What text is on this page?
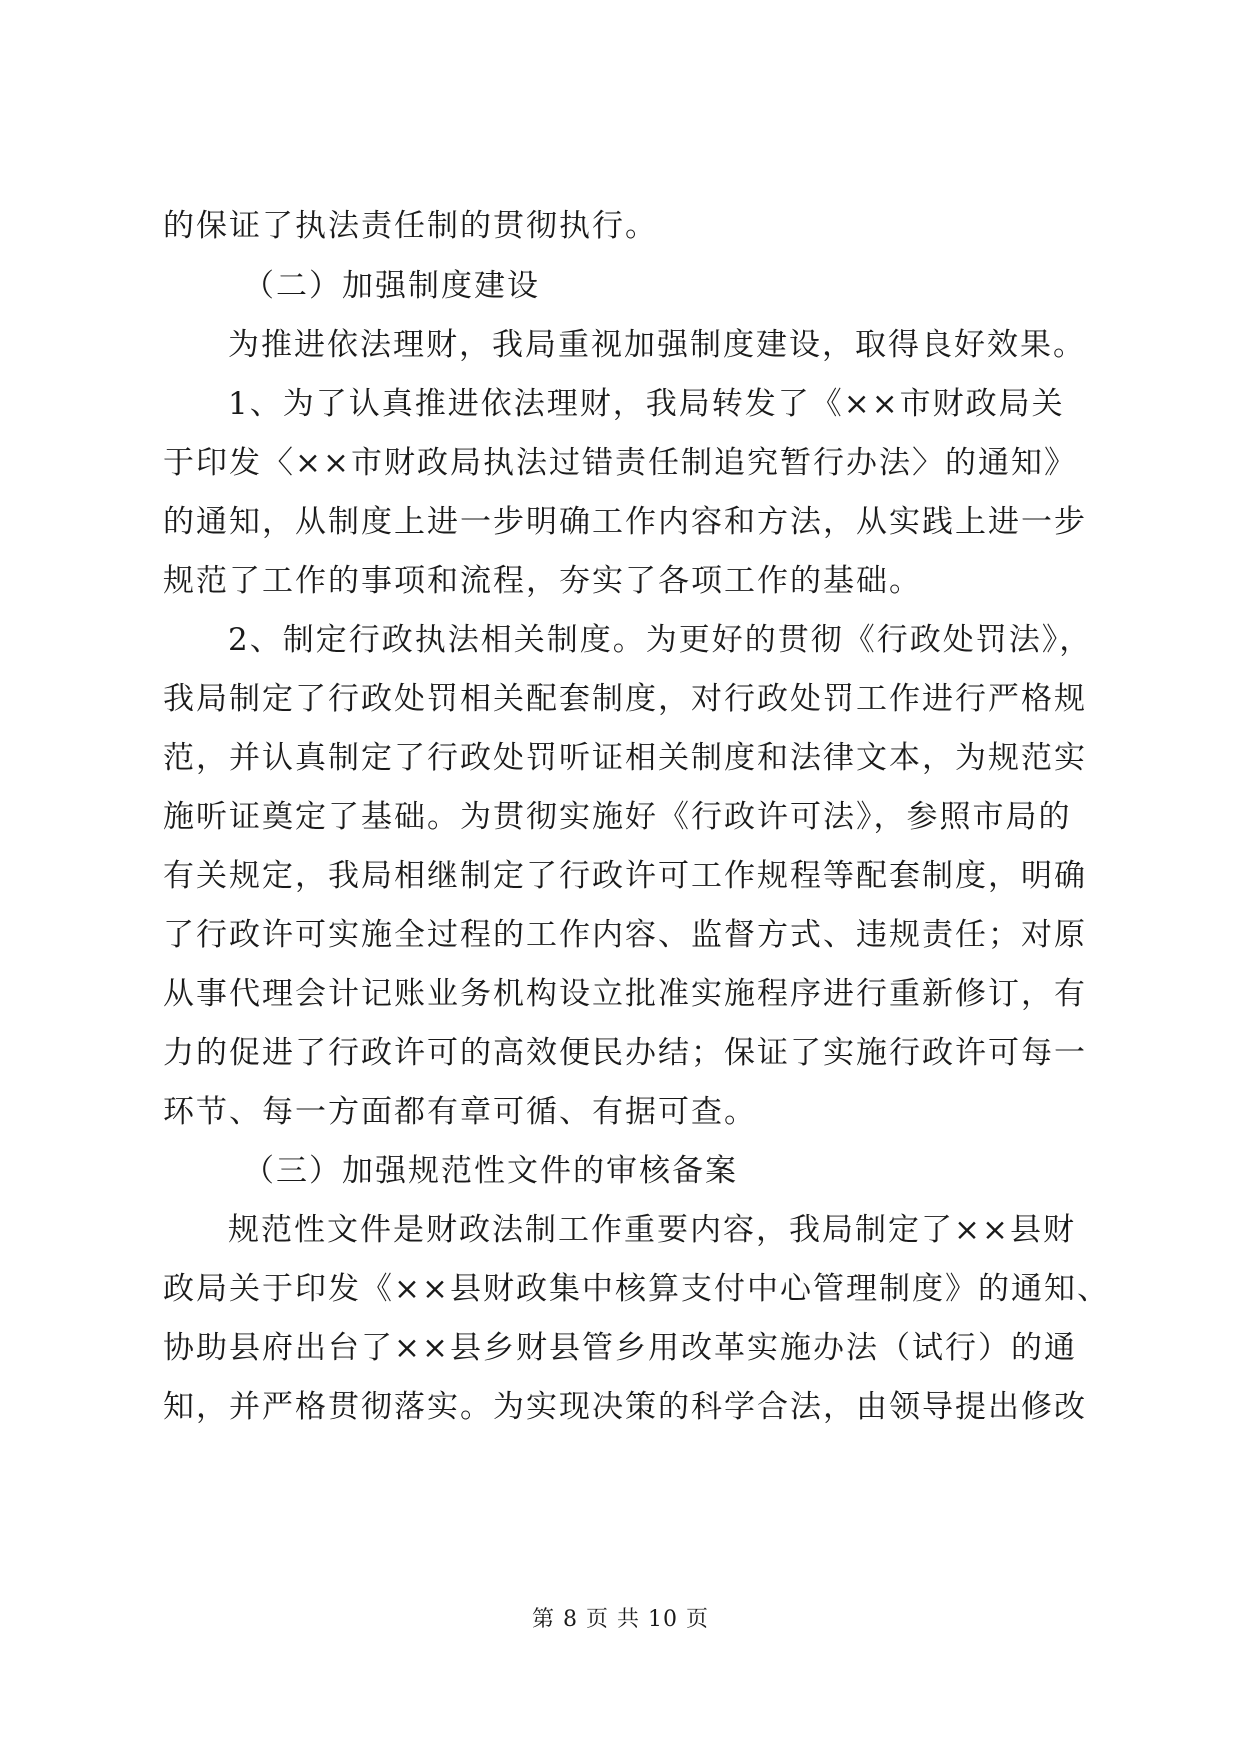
的保证了执法责任制的贯彻执行。
（二）加强制度建设
为推进依法理财，我局重视加强制度建设，取得良好效果。
1、为了认真推进依法理财，我局转发了《××市财政局关
于印发〈××市财政局执法过错责任制追究暂行办法〉的通知》
的通知，从制度上进一步明确工作内容和方法，从实践上进一步
规范了工作的事项和流程，夯实了各项工作的基础。
2、制定行政执法相关制度。为更好的贯彻《行政处罚法》，
我局制定了行政处罚相关配套制度，对行政处罚工作进行严格规
范，并认真制定了行政处罚听证相关制度和法律文本，为规范实
施听证奠定了基础。为贯彻实施好《行政许可法》，参照市局的
有关规定，我局相继制定了行政许可工作规程等配套制度，明确
了行政许可实施全过程的工作内容、监督方式、违规责任；对原
从事代理会计记账业务机构设立批准实施程序进行重新修订，有
力的促进了行政许可的高效便民办结；保证了实施行政许可每一
环节、每一方面都有章可循、有据可查。
（三）加强规范性文件的审核备案
规范性文件是财政法制工作重要内容，我局制定了××县财
政局关于印发《××县财政集中核算支付中心管理制度》的通知、
协助县府出台了××县乡财县管乡用改革实施办法（试行）的通
知，并严格贯彻落实。为实现决策的科学合法，由领导提出修改
第 8 页 共 10 页
